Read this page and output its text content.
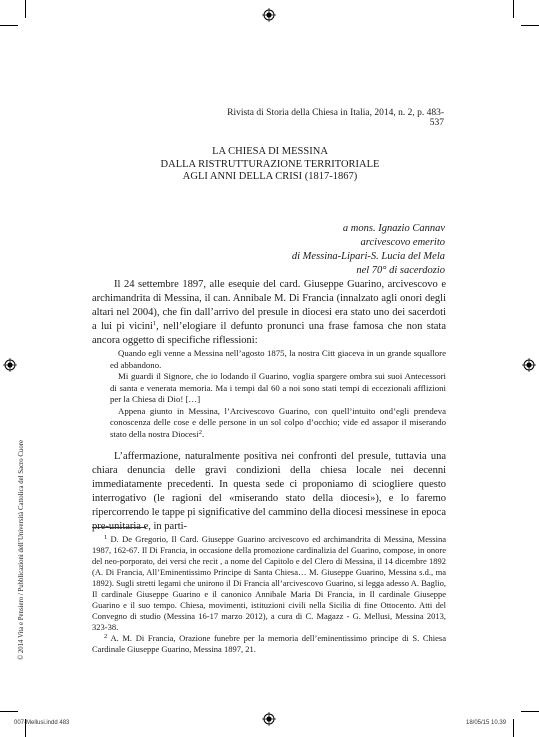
Rivista di Storia della Chiesa in Italia, 2014, n. 2, p. 483-537
LA CHIESA DI MESSINA
DALLA RISTRUTTURAZIONE TERRITORIALE
AGLI ANNI DELLA CRISI (1817-1867)
a mons. Ignazio Cannav
arcivescovo emerito
di Messina-Lipari-S. Lucia del Mela
nel 70° di sacerdozio

Il 24 settembre 1897, alle esequie del card. Giuseppe Guarino, arcivescovo e archimandrita di Messina, il can. Annibale M. Di Francia (innalzato agli onori degli altari nel 2004), che fin dall’arrivo del presule in diocesi era stato uno dei sacerdoti a lui pi vicini$^1$, nell’elogiare il defunto pronunci una frase famosa che non stata ancora oggetto di specifiche riflessioni:

Quando egli venne a Messina nell’agosto 1875, la nostra Citt giaceva in un grande squallore ed abbandono.

Mi guardi il Signore, che io lodando il Guarino, voglia spargere ombra sui suoi Antecessori di santa e venerata memoria. Ma i tempi dal 60 a noi sono stati tempi di eccezionali afflizioni per la Chiesa di Dio! […]

Appena giunto in Messina, l’Arcivescovo Guarino, con quell’intuito ond’egli prendeva conoscenza delle cose e delle persone in un sol colpo d’occhio; vide ed assapor il miserando stato della nostra Diocesi$^2$.

L’affermazione, naturalmente positiva nei confronti del presule, tuttavia una chiara denuncia delle gravi condizioni della chiesa locale nei decenni immediatamente precedenti. In questa sede ci proponiamo di sciogliere questo interrogativo (le ragioni del «miserando stato della diocesi»), e lo faremo ripercorrendo le tappe pi significative del cammino della diocesi messinese in epoca pre-unitaria e, in parti-

$^1$ D. De Gregorio, Il Card. Giuseppe Guarino arcivescovo ed archimandrita di Messina, Messina 1987, 162-67. Il Di Francia, in occasione della promozione cardinalizia del Guarino, compose, in onore del neo-porporato, dei versi che recit , a nome del Capitolo e del Clero di Messina, il 14 dicembre 1892 (A. Di Francia, All’Eminentissimo Principe di Santa Chiesa… M. Giuseppe Guarino, Messina s.d., ma 1892). Sugli stretti legami che unirono il Di Francia all’arcivescovo Guarino, si legga adesso A. Baglio, Il cardinale Giuseppe Guarino e il canonico Annibale Maria Di Francia, in Il cardinale Giuseppe Guarino e il suo tempo. Chiesa, movimenti, istituzioni civili nella Sicilia di fine Ottocento. Atti del Convegno di studio (Messina 16-17 marzo 2012), a cura di C. Magazz - G. Mellusi, Messina 2013, 323-38.

$^2$ A. M. Di Francia, Orazione funebre per la memoria dell’eminentissimo principe di S. Chiesa Cardinale Giuseppe Guarino, Messina 1897, 21.

© 2014 Vita e Pensiero / Pubblicazioni dell’Università Cattolica del Sacro Cuore
007-Mellusi.indd 483	18/05/15 10.39
